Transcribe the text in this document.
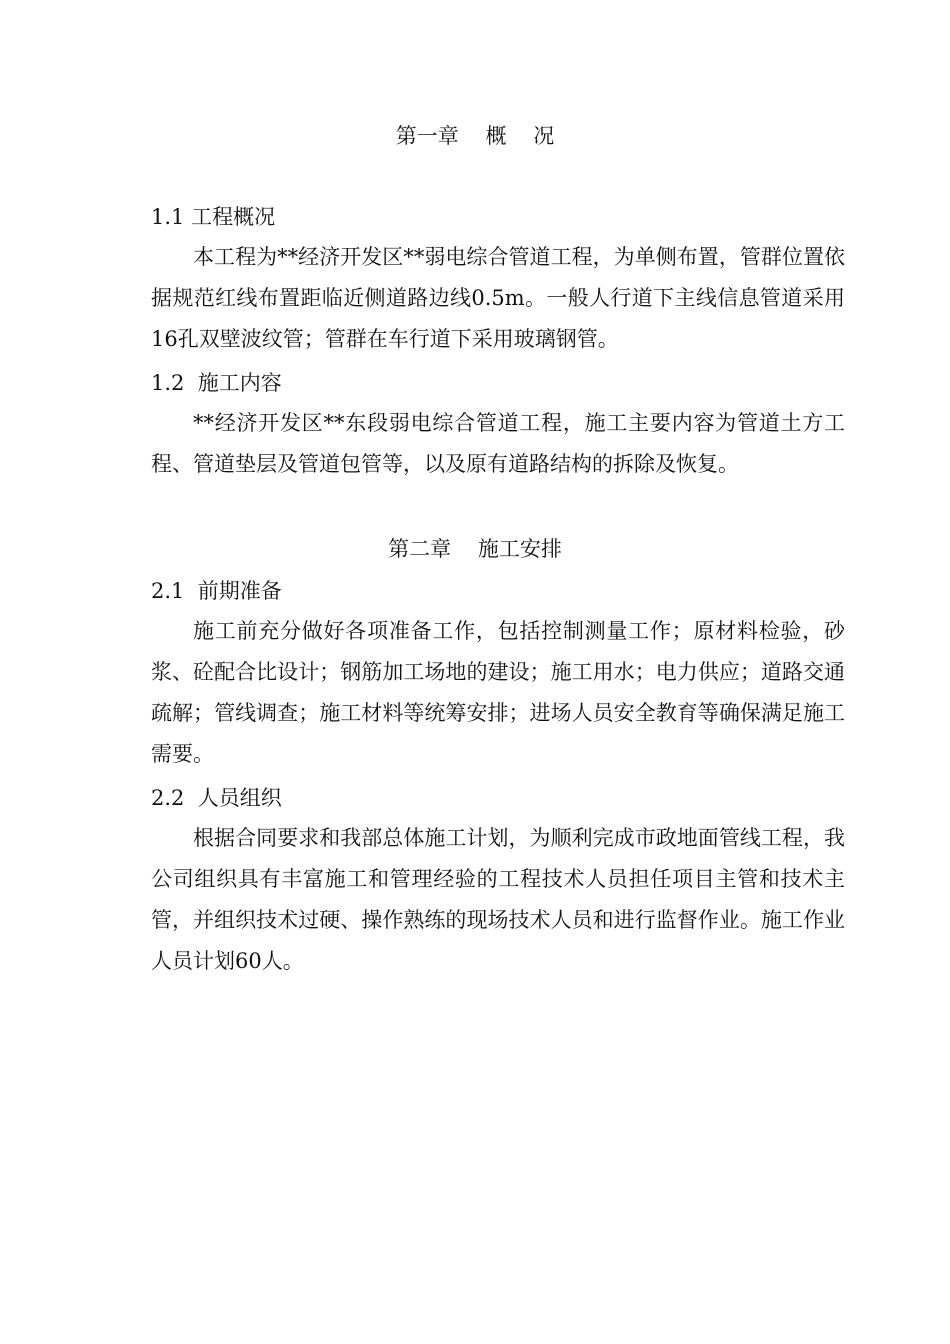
第一章    概    况
1.1 工程概况
本工程为**经济开发区**弱电综合管道工程，为单侧布置，管群位置依据规范红线布置距临近侧道路边线0.5m。一般人行道下主线信息管道采用16孔双壁波纹管；管群在车行道下采用玻璃钢管。
1.2  施工内容
**经济开发区**东段弱电综合管道工程，施工主要内容为管道土方工程、管道垫层及管道包管等，以及原有道路结构的拆除及恢复。
第二章    施工安排
2.1  前期准备
施工前充分做好各项准备工作，包括控制测量工作；原材料检验，砂浆、砼配合比设计；钢筋加工场地的建设；施工用水；电力供应；道路交通疏解；管线调查；施工材料等统筹安排；进场人员安全教育等确保满足施工需要。
2.2  人员组织
根据合同要求和我部总体施工计划，为顺利完成市政地面管线工程，我公司组织具有丰富施工和管理经验的工程技术人员担任项目主管和技术主管，并组织技术过硬、操作熟练的现场技术人员和进行监督作业。施工作业人员计划60人。
